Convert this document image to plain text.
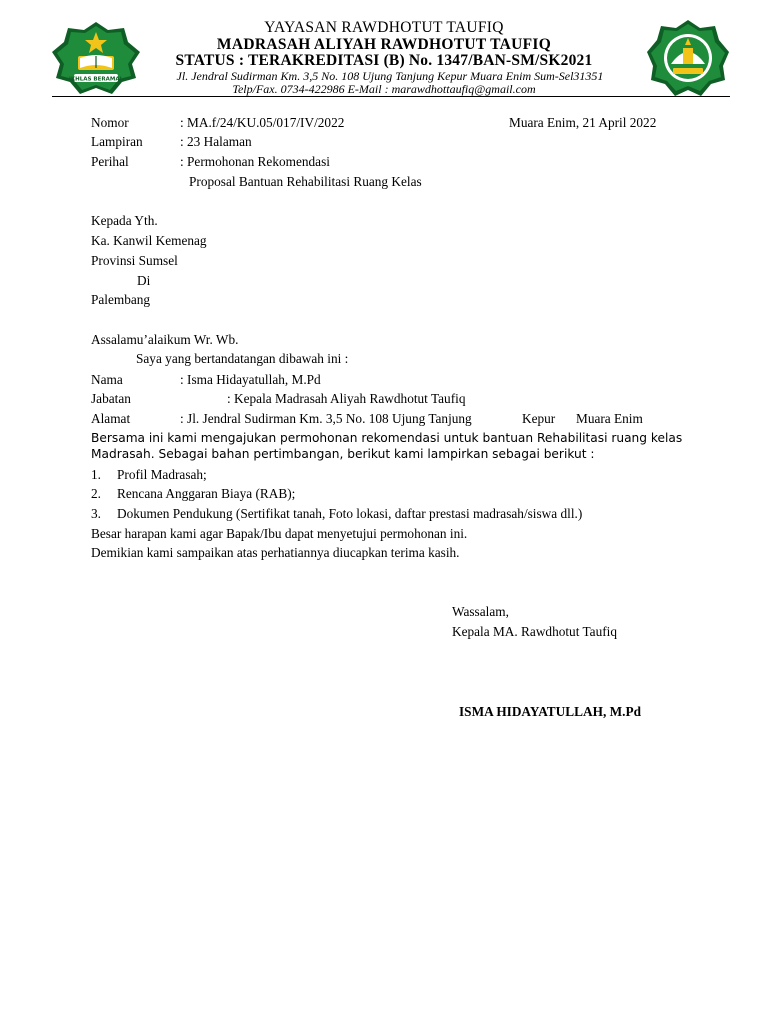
IKHLAS BERAMAL
YAYASAN RAWDHOTUT TAUFIQ
MADRASAH ALIYAH RAWDHOTUT TAUFIQ
STATUS : TERAKREDITASI (B) No. 1347/BAN-SM/SK2021
Jl. Jendral Sudirman Km. 3,5 No. 108 Ujung Tanjung Kepur Muara Enim Sum-Sel31351
Telp/Fax. 0734-422986 E-Mail : marawdhottaufiq@gmail.com
Nomor	: MA.f/24/KU.05/017/IV/2022	Muara Enim, 21 April 2022
Lampiran	: 23 Halaman
Perihal	: Permohonan Rekomendasi
Proposal Bantuan Rehabilitasi Ruang Kelas
Kepada Yth.
Ka. Kanwil Kemenag
Provinsi Sumsel
Di
Palembang
Assalamu’alaikum Wr. Wb.
Saya yang bertandatangan dibawah ini :
Nama	: Isma Hidayatullah, M.Pd
Jabatan	: Kepala Madrasah Aliyah Rawdhotut Taufiq
Alamat	: Jl. Jendral Sudirman Km. 3,5 No. 108 Ujung Tanjung	Kepur Muara Enim
Bersama ini kami mengajukan permohonan rekomendasi untuk bantuan Rehabilitasi ruang kelas
Madrasah. Sebagai bahan pertimbangan, berikut kami lampirkan sebagai berikut :
1. Profil Madrasah;
2. Rencana Anggaran Biaya (RAB);
3. Dokumen Pendukung (Sertifikat tanah, Foto lokasi, daftar prestasi madrasah/siswa dll.)
Besar harapan kami agar Bapak/Ibu dapat menyetujui permohonan ini.
Demikian kami sampaikan atas perhatiannya diucapkan terima kasih.
Wassalam,
Kepala MA. Rawdhotut Taufiq
ISMA HIDAYATULLAH, M.Pd
